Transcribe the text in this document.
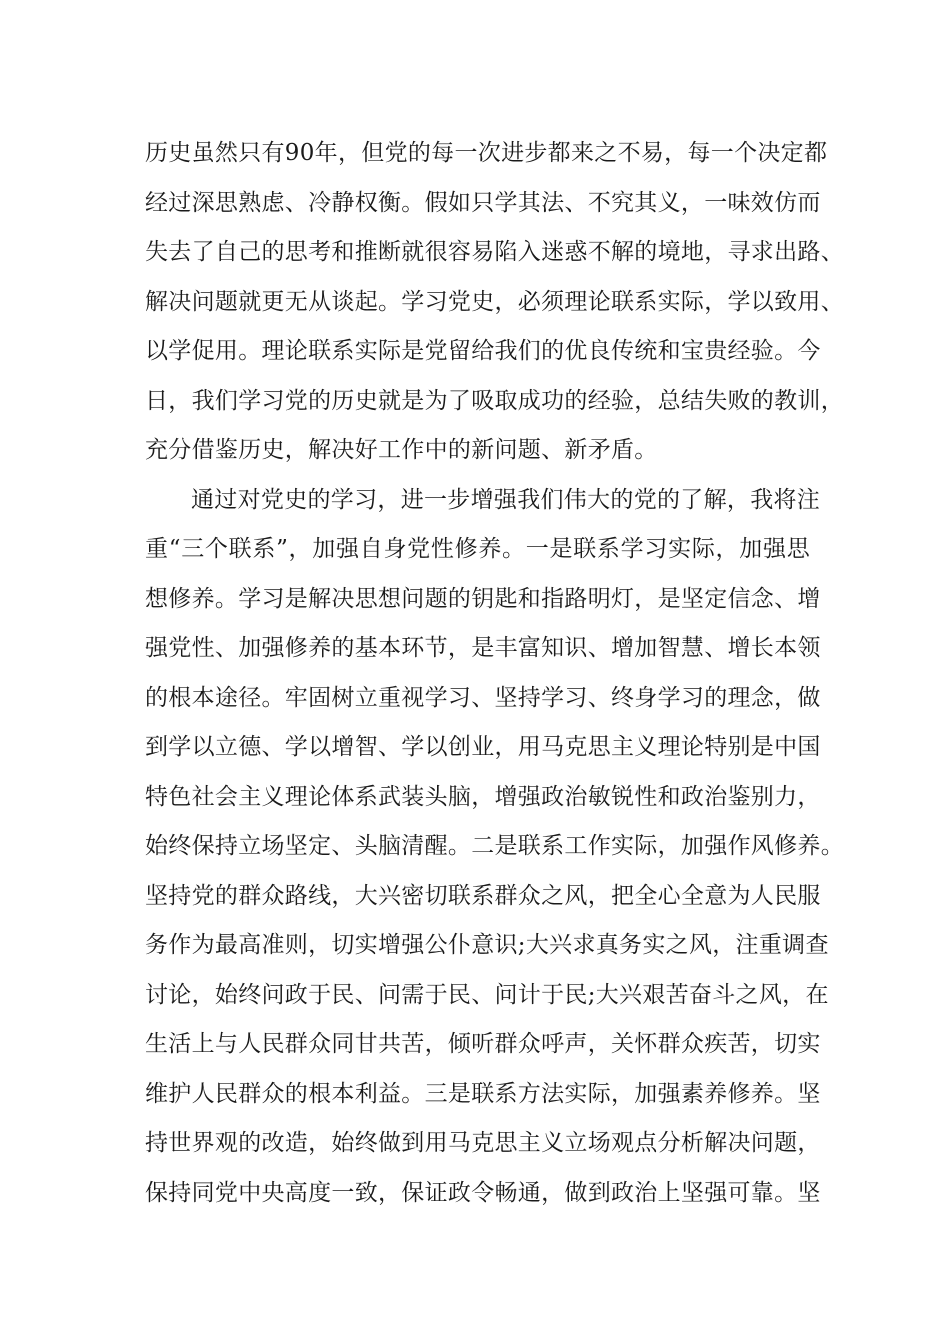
历史虽然只有90年，但党的每一次进步都来之不易，每一个决定都
经过深思熟虑、冷静权衡。假如只学其法、不究其义，一味效仿而
失去了自己的思考和推断就很容易陷入迷惑不解的境地，寻求出路、
解决问题就更无从谈起。学习党史，必须理论联系实际，学以致用、
以学促用。理论联系实际是党留给我们的优良传统和宝贵经验。今
日，我们学习党的历史就是为了吸取成功的经验，总结失败的教训，
充分借鉴历史，解决好工作中的新问题、新矛盾。
通过对党史的学习，进一步增强我们伟大的党的了解，我将注
重“三个联系”，加强自身党性修养。一是联系学习实际，加强思
想修养。学习是解决思想问题的钥匙和指路明灯，是坚定信念、增
强党性、加强修养的基本环节，是丰富知识、增加智慧、增长本领
的根本途径。牢固树立重视学习、坚持学习、终身学习的理念，做
到学以立德、学以增智、学以创业，用马克思主义理论特别是中国
特色社会主义理论体系武装头脑，增强政治敏锐性和政治鉴别力，
始终保持立场坚定、头脑清醒。二是联系工作实际，加强作风修养。
坚持党的群众路线，大兴密切联系群众之风，把全心全意为人民服
务作为最高准则，切实增强公仆意识;大兴求真务实之风，注重调查
讨论，始终问政于民、问需于民、问计于民;大兴艰苦奋斗之风，在
生活上与人民群众同甘共苦，倾听群众呼声，关怀群众疾苦，切实
维护人民群众的根本利益。三是联系方法实际，加强素养修养。坚
持世界观的改造，始终做到用马克思主义立场观点分析解决问题，
保持同党中央高度一致，保证政令畅通，做到政治上坚强可靠。坚
